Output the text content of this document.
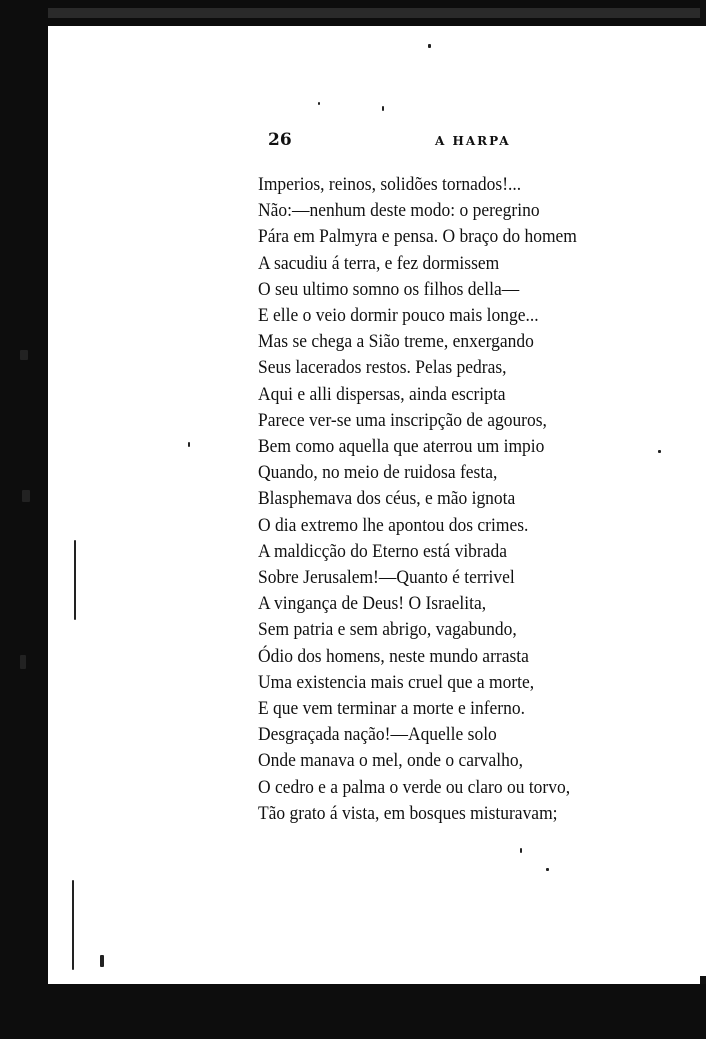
26	A HARPA
Imperios, reinos, solidões tornados!...
Não:—nenhum deste modo: o peregrino
Pára em Palmyra e pensa. O braço do homem
A sacudiu á terra, e fez dormissem
O seu ultimo somno os filhos della—
E elle o veio dormir pouco mais longe...
Mas se chega a Sião treme, enxergando
Seus lacerados restos. Pelas pedras,
Aqui e alli dispersas, ainda escripta
Parece ver-se uma inscripção de agouros,
Bem como aquella que aterrou um impio
Quando, no meio de ruidosa festa,
Blasphemava dos céus, e mão ignota
O dia extremo lhe apontou dos crimes.
A maldicção do Eterno está vibrada
Sobre Jerusalem!—Quanto é terrivel
A vingança de Deus! O Israelita,
Sem patria e sem abrigo, vagabundo,
Ódio dos homens, neste mundo arrasta
Uma existencia mais cruel que a morte,
E que vem terminar a morte e inferno.
Desgraçada nação!—Aquelle solo
Onde manava o mel, onde o carvalho,
O cedro e a palma o verde ou claro ou torvo,
Tão grato á vista, em bosques misturavam;
